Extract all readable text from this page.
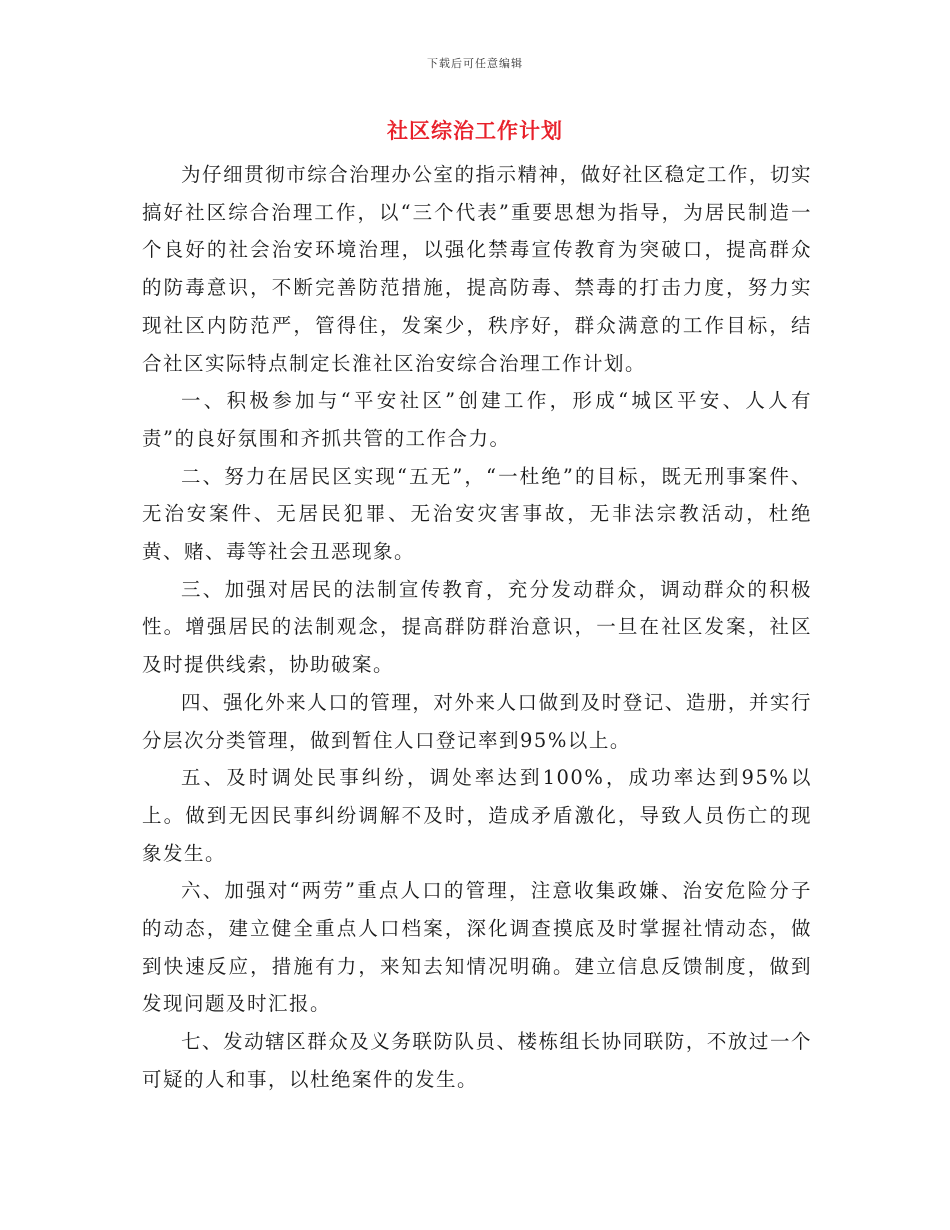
下载后可任意编辑
社区综治工作计划

为仔细贯彻市综合治理办公室的指示精神，做好社区稳定工作，切实搞好社区综合治理工作，以“三个代表”重要思想为指导，为居民制造一个良好的社会治安环境治理，以强化禁毒宣传教育为突破口，提高群众的防毒意识，不断完善防范措施，提高防毒、禁毒的打击力度，努力实现社区内防范严，管得住，发案少，秩序好，群众满意的工作目标，结合社区实际特点制定长淮社区治安综合治理工作计划。

一、积极参加与“平安社区”创建工作，形成“城区平安、人人有责”的良好氛围和齐抓共管的工作合力。

二、努力在居民区实现“五无”，“一杜绝”的目标，既无刑事案件、无治安案件、无居民犯罪、无治安灾害事故，无非法宗教活动，杜绝黄、赌、毒等社会丑恶现象。

三、加强对居民的法制宣传教育，充分发动群众，调动群众的积极性。增强居民的法制观念，提高群防群治意识，一旦在社区发案，社区及时提供线索，协助破案。

四、强化外来人口的管理，对外来人口做到及时登记、造册，并实行分层次分类管理，做到暂住人口登记率到95%以上。

五、及时调处民事纠纷，调处率达到100%，成功率达到95%以上。做到无因民事纠纷调解不及时，造成矛盾激化，导致人员伤亡的现象发生。

六、加强对“两劳”重点人口的管理，注意收集政嫌、治安危险分子的动态，建立健全重点人口档案，深化调查摸底及时掌握社情动态，做到快速反应，措施有力，来知去知情况明确。建立信息反馈制度，做到发现问题及时汇报。

七、发动辖区群众及义务联防队员、楼栋组长协同联防，不放过一个可疑的人和事，以杜绝案件的发生。
